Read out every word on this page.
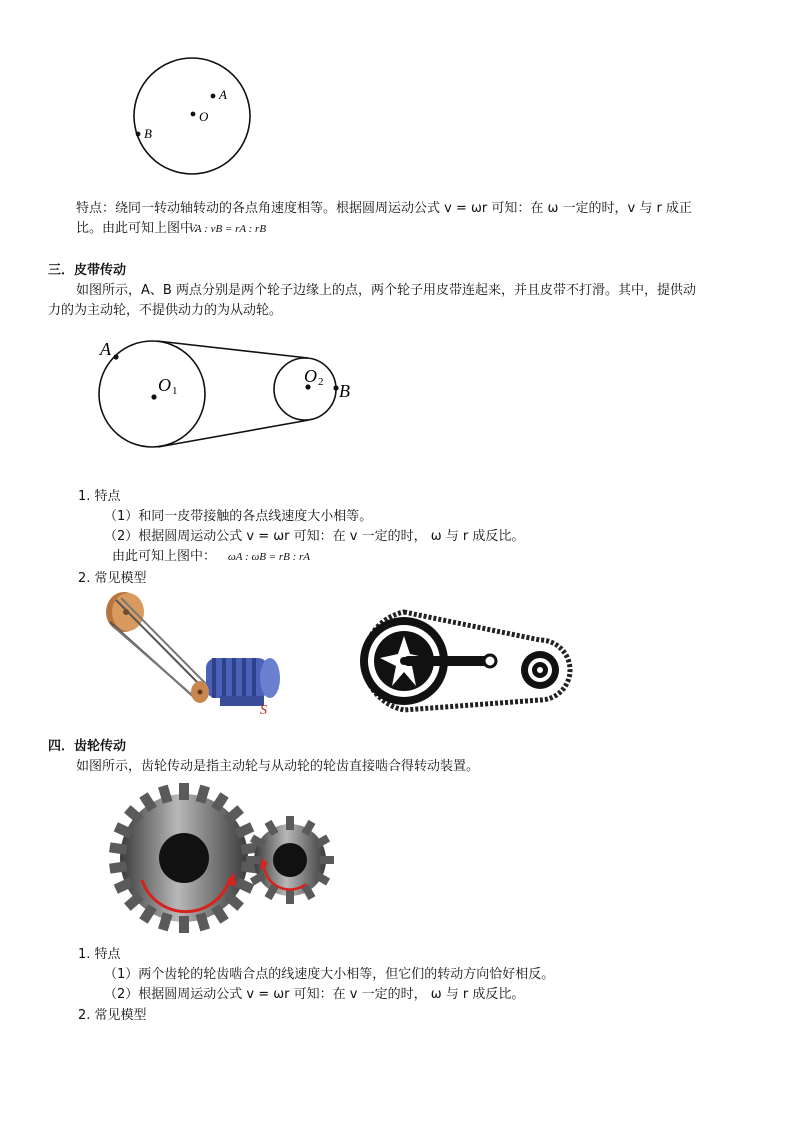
A
O
B
特点：绕同一转动轴转动的各点角速度相等。根据圆周运动公式 v = ωr 可知：在 ω 一定的时，v 与 r 成正
比。由此可知上图中：
vA : vB = rA : rB
三．皮带传动
如图所示，A、B 两点分别是两个轮子边缘上的点，两个轮子用皮带连起来，并且皮带不打滑。其中，提供动
力的为主动轮，不提供动力的为从动轮。
A
O 1
O 2 B
1. 特点
（1）和同一皮带接触的各点线速度大小相等。
（2）根据圆周运动公式 v = ωr 可知：在 v 一定的时， ω 与 r 成反比。
由此可知上图中： ωA : ωB = rB : rA
2. 常见模型
S
四．齿轮传动
如图所示，齿轮传动是指主动轮与从动轮的轮齿直接啮合得转动装置。
1. 特点
（1）两个齿轮的轮齿啮合点的线速度大小相等，但它们的转动方向恰好相反。
（2）根据圆周运动公式 v = ωr 可知：在 v 一定的时， ω 与 r 成反比。
2. 常见模型
